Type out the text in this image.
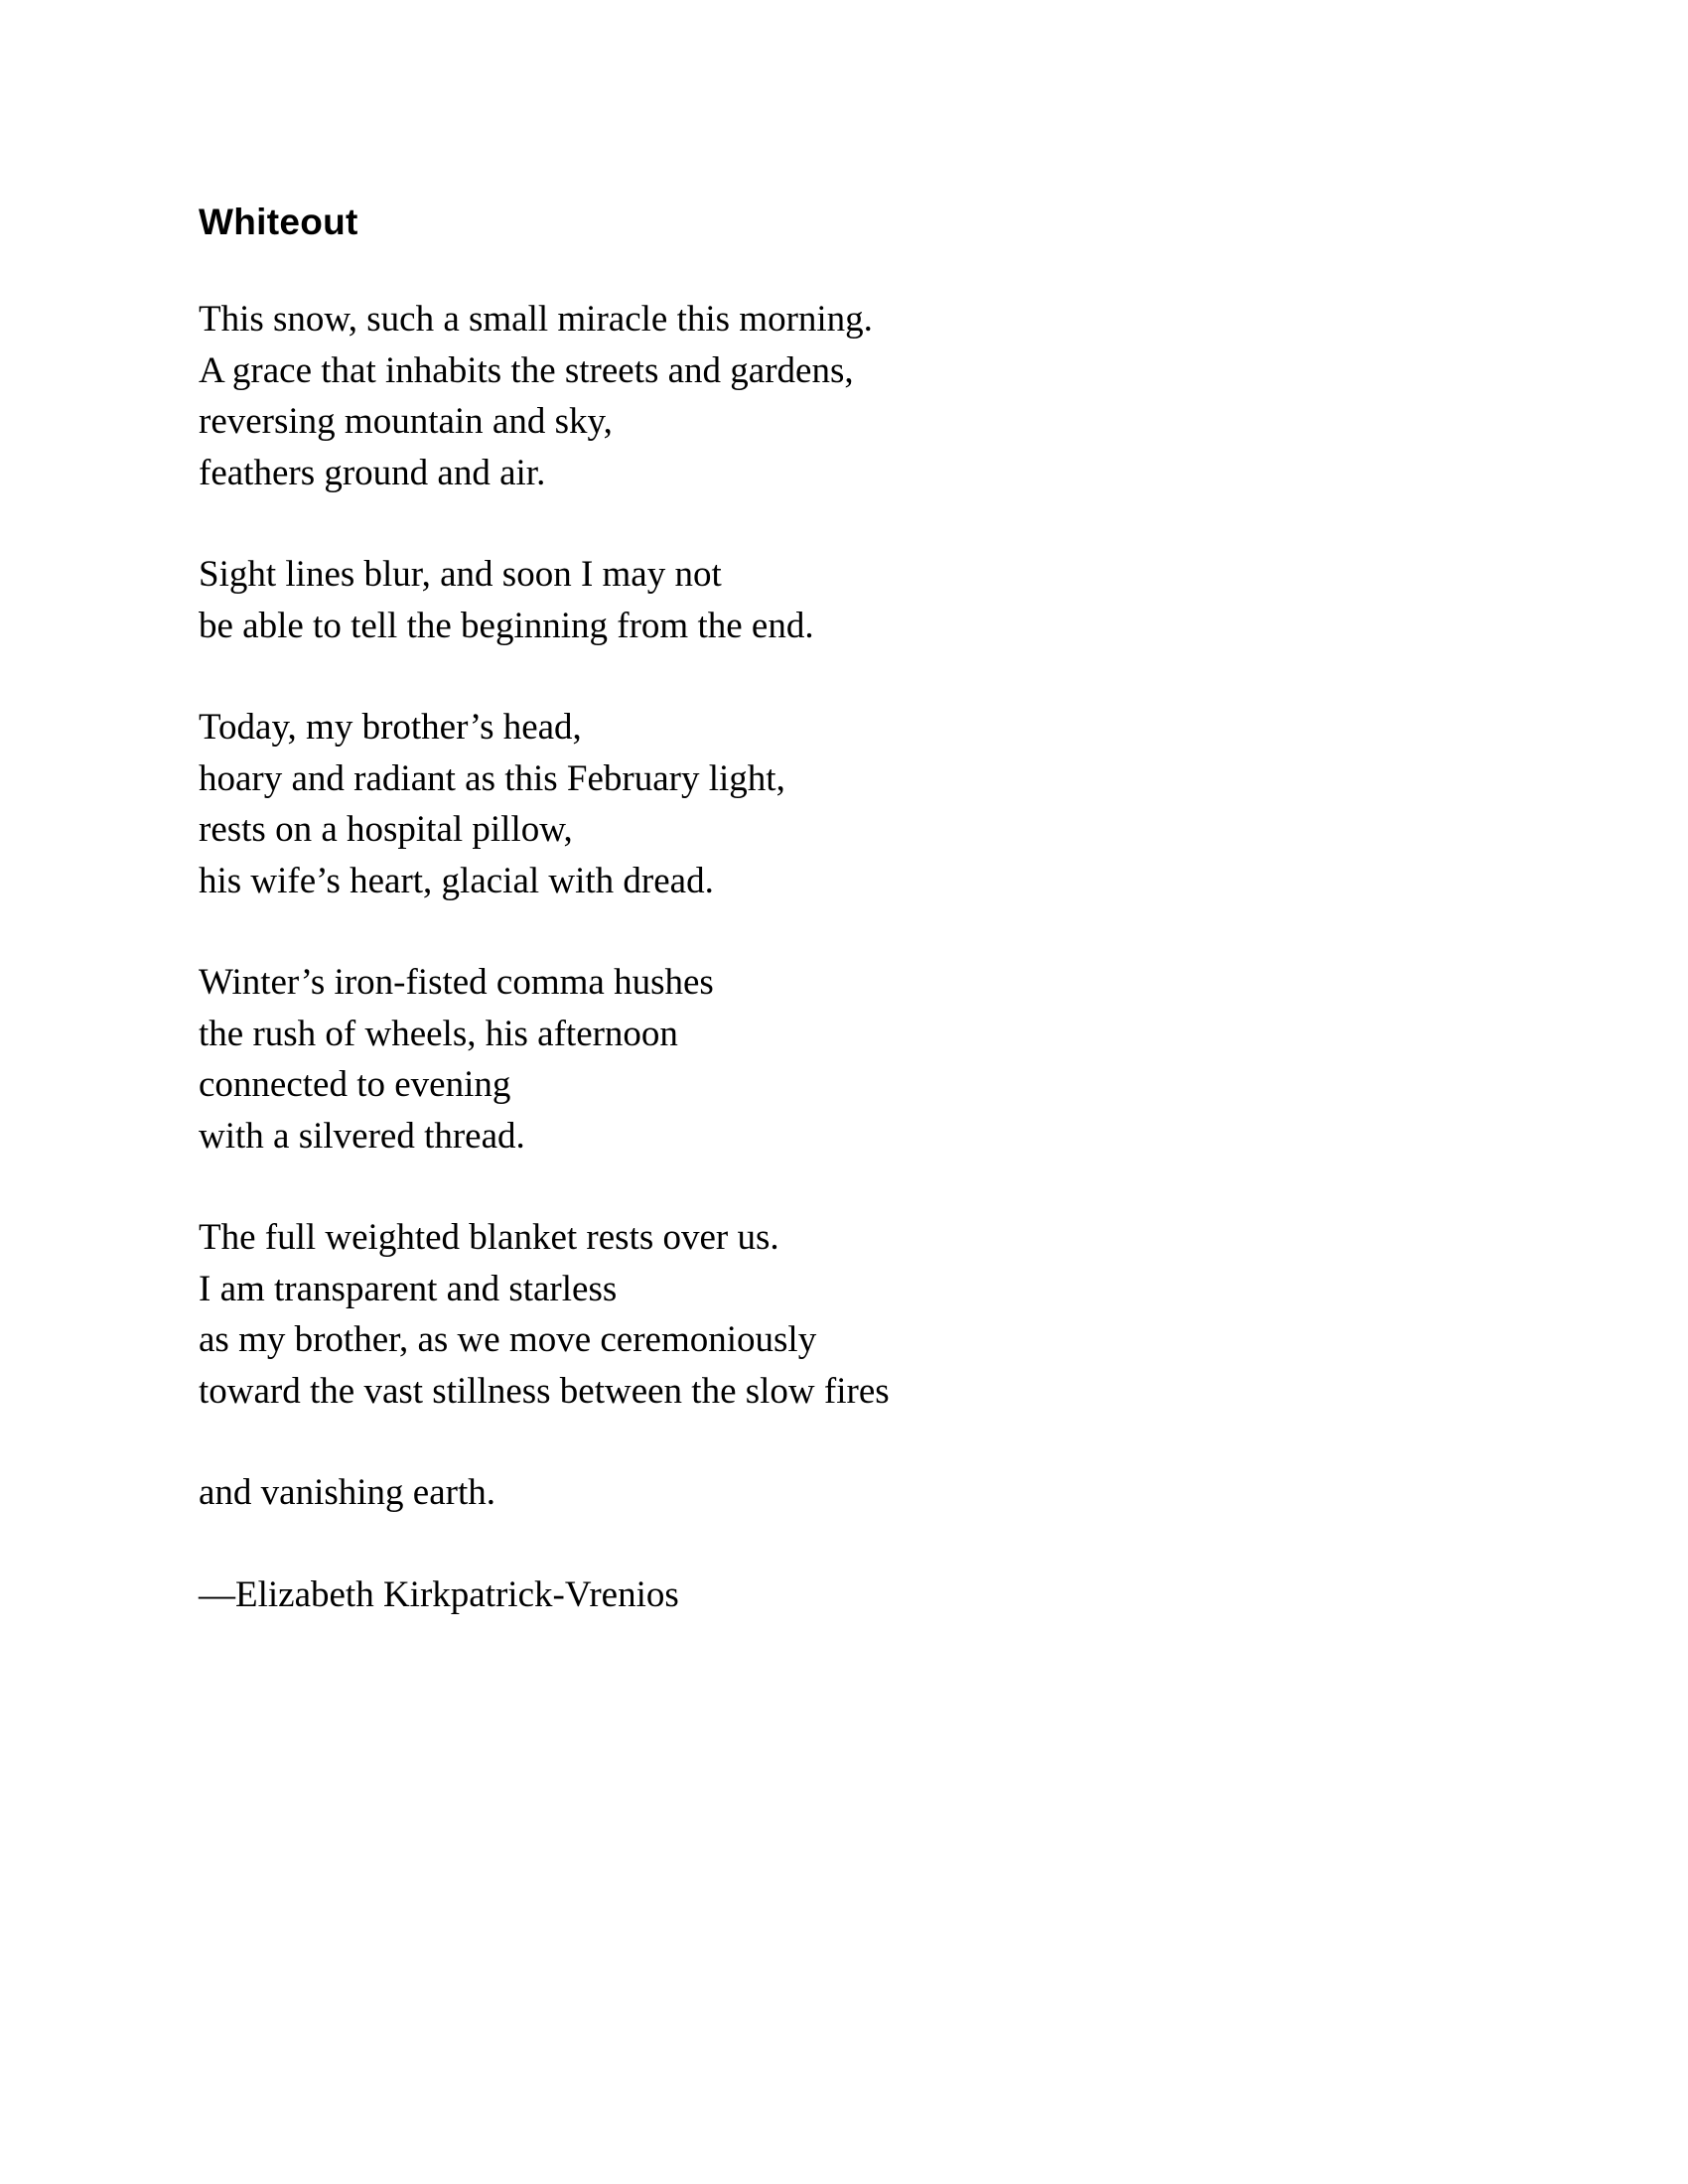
Whiteout
This snow, such a small miracle this morning.
A grace that inhabits the streets and gardens,
reversing mountain and sky,
feathers ground and air.
Sight lines blur, and soon I may not
be able to tell the beginning from the end.
Today, my brother’s head,
hoary and radiant as this February light,
rests on a hospital pillow,
his wife’s heart, glacial with dread.
Winter’s iron-fisted comma hushes
the rush of wheels, his afternoon
connected to evening
with a silvered thread.
The full weighted blanket rests over us.
I am transparent and starless
as my brother, as we move ceremoniously
toward the vast stillness between the slow fires
and vanishing earth.
—Elizabeth Kirkpatrick-Vrenios
